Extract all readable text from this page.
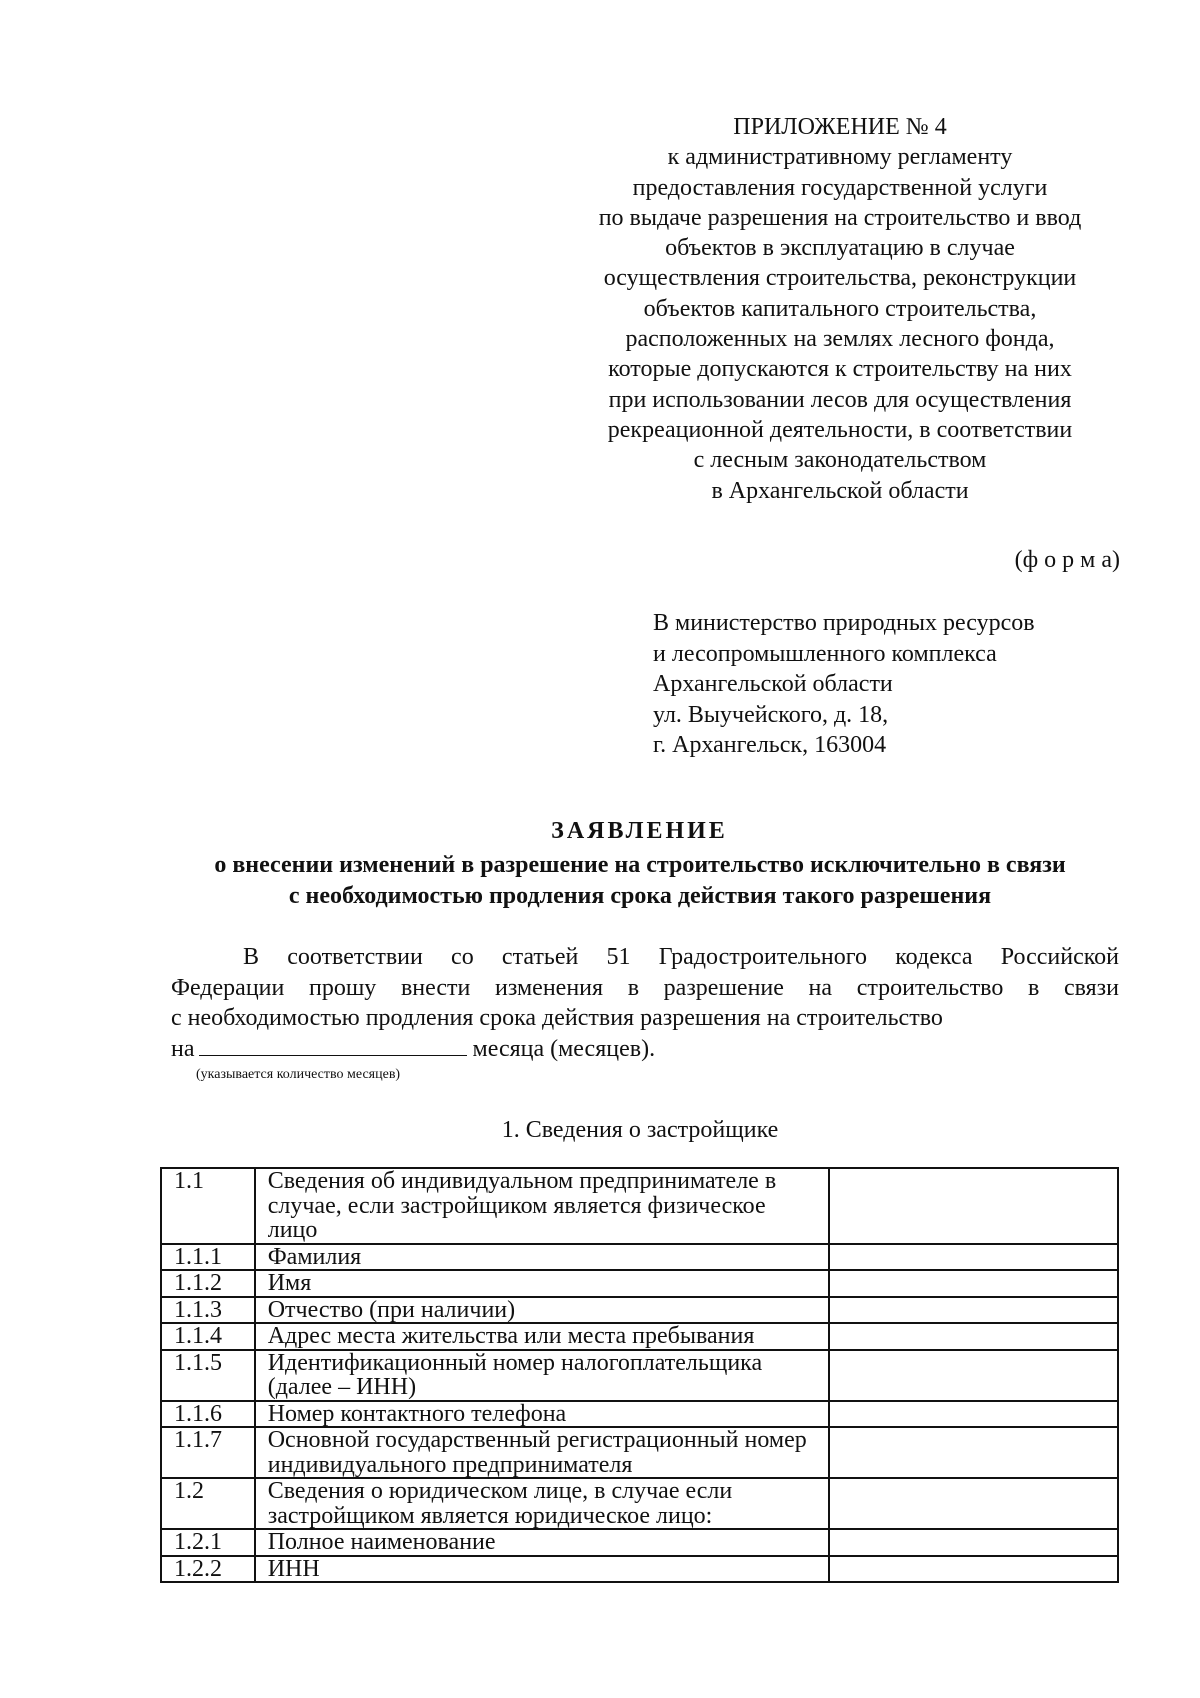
ПРИЛОЖЕНИЕ № 4
к административному регламенту
предоставления государственной услуги
по выдаче разрешения на строительство и ввод
объектов в эксплуатацию в случае
осуществления строительства, реконструкции
объектов капитального строительства,
расположенных на землях лесного фонда,
которые допускаются к строительству на них
при использовании лесов для осуществления
рекреационной деятельности, в соответствии
с лесным законодательством
в Архангельской области
(ф о р м а)
В министерство природных ресурсов
и лесопромышленного комплекса
Архангельской области
ул. Выучейского, д. 18,
г. Архангельск, 163004
ЗАЯВЛЕНИЕ
о внесении изменений в разрешение на строительство исключительно в связи
с необходимостью продления срока действия такого разрешения
В соответствии со статьей 51 Градостроительного кодекса Российской
Федерации прошу внести изменения в разрешение на строительство в связи
с необходимостью продления срока действия разрешения на строительство
на	месяца (месяцев).
(указывается количество месяцев)
1. Сведения о застройщике
1.1	Сведения об индивидуальном предпринимателе в случае, если застройщиком является физическое лицо	
1.1.1	Фамилия	
1.1.2	Имя	
1.1.3	Отчество (при наличии)	
1.1.4	Адрес места жительства или места пребывания	
1.1.5	Идентификационный номер налогоплательщика (далее – ИНН)	
1.1.6	Номер контактного телефона	
1.1.7	Основной государственный регистрационный номер индивидуального предпринимателя	
1.2	Сведения о юридическом лице, в случае если застройщиком является юридическое лицо:	
1.2.1	Полное наименование	
1.2.2	ИНН	
